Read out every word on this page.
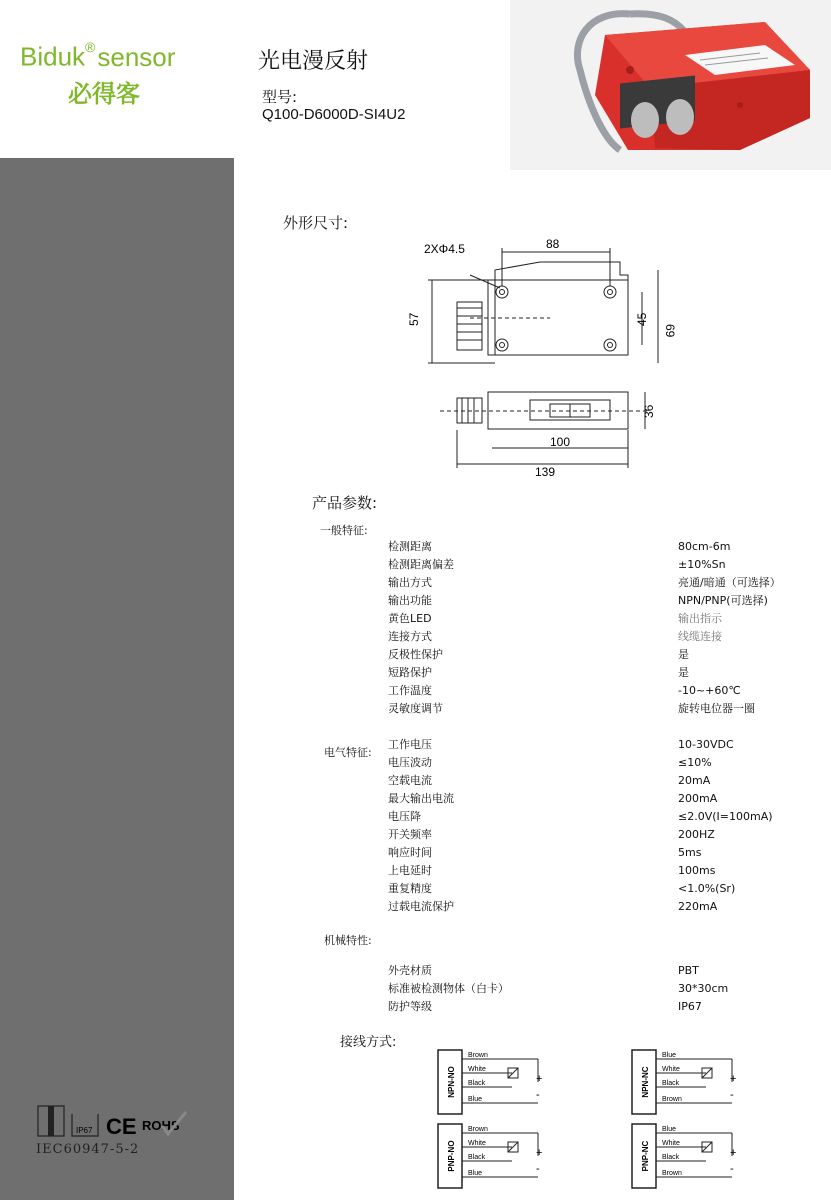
Biduk®sensor
必得客
光电漫反射
型号:
Q100-D6000D-SI4U2
外形尺寸:
2XΦ4.5	88
57	45
69
36
100
139
产品参数:
一般特征:
检测距离	80cm-6m
检测距离偏差	±10%Sn
输出方式	亮通/暗通（可选择）
输出功能	NPN/PNP(可选择)
黄色LED	输出指示
连接方式	线缆连接
反极性保护	是
短路保护	是
工作温度	-10~+60℃
灵敏度调节	旋转电位器一圈
电气特征:
工作电压	10-30VDC
电压波动	≤10%
空载电流	20mA
最大输出电流	200mA
电压降	≤2.0V(I=100mA)
开关频率	200HZ
响应时间	5ms
上电延时	100ms
重复精度	<1.0%(Sr)
过载电流保护	220mA
机械特性:
外壳材质	PBT
标准被检测物体（白卡）	30*30cm
防护等级	IP67
接线方式:
NPN-NO
Brown
White
Black
Blue
+
-	NPN-NC
Blue
White
Black
Brown
+
-
PNP-NO
Brown
White
Black
Blue
+
-	PNP-NC
Blue
White
Black
Brown
+
-
IP67 CE ROHS
IEC60947-5-2
